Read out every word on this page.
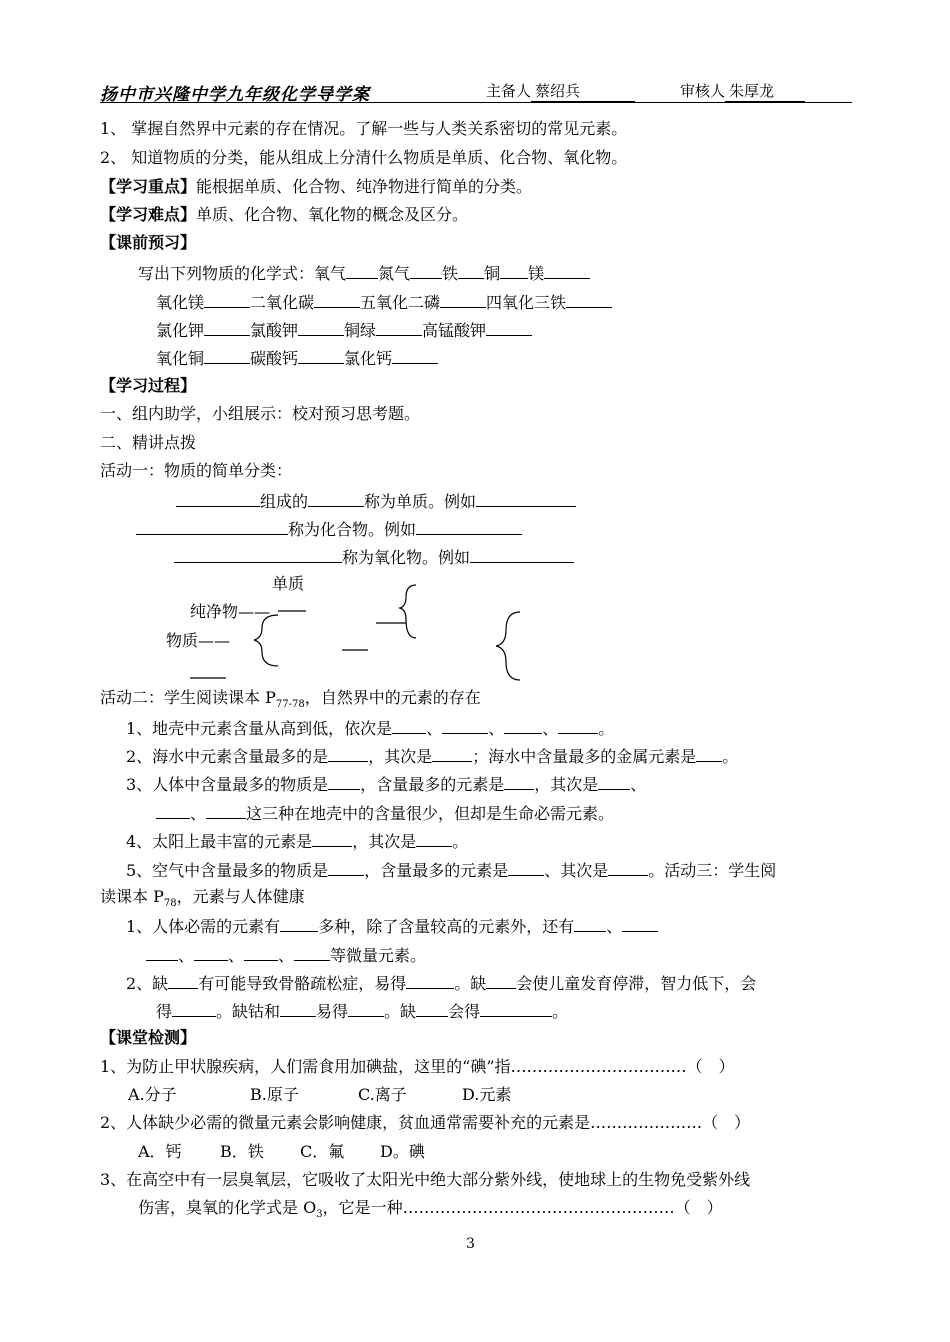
扬中市兴隆中学九年级化学导学案	主备人 蔡绍兵	审核人 朱厚龙
1、 掌握自然界中元素的存在情况。了解一些与人类关系密切的常见元素。
2、 知道物质的分类，能从组成上分清什么物质是单质、化合物、氧化物。
【学习重点】能根据单质、化合物、纯净物进行简单的分类。
【学习难点】单质、化合物、氧化物的概念及区分。
【课前预习】
写出下列物质的化学式：氧气 氮气 铁 铜 镁
氧化镁	二氧化碳	五氧化二磷	四氧化三铁
氯化钾	氯酸钾	铜绿	高锰酸钾
氧化铜	碳酸钙	氯化钙
【学习过程】
一、组内助学，小组展示：校对预习思考题。
二、精讲点拨
活动一：物质的简单分类：
组成的	称为单质。例如
称为化合物。例如
称为氧化物。例如
单质
纯净物——
物质——
活动二：学生阅读课本 $P_{77-78}$，自然界中的元素的存在
1、地壳中元素含量从高到低，依次是 、	、 、	。
2、海水中元素含量最多的是	，其次是	；海水中含量最多的金属元素是 。
3、人体中含量最多的物质是 ，含量最多的元素是 ，其次是 、
、	这三种在地壳中的含量很少，但却是生命必需元素。
4、太阳上最丰富的元素是	，其次是 。
5、空气中含量最多的物质是 ，含量最多的元素是 、其次是	。活动三：学生阅
读课本 $P_{78}$，元素与人体健康
1、人体必需的元素有 多种，除了含量较高的元素外，还有 、
、 、 、 等微量元素。
2、缺 有可能导致骨骼疏松症，易得	。缺 会使儿童发育停滞，智力低下，会
得	。缺钴和 易得 。缺 会得	。
【课堂检测】
1、为防止甲状腺疾病，人们需食用加碘盐，这里的“碘”指……………………………（　）
A.分子	B.原子	C.离子	D.元素
2、人体缺少必需的微量元素会影响健康，贫血通常需要补充的元素是…………………（　）
A．钙 B．铁 C．氟 D。碘
3、在高空中有一层臭氧层，它吸收了太阳光中绝大部分紫外线，使地球上的生物免受紫外线
伤害，臭氧的化学式是 $O_3$，它是一种……………………………………………（　）
3
